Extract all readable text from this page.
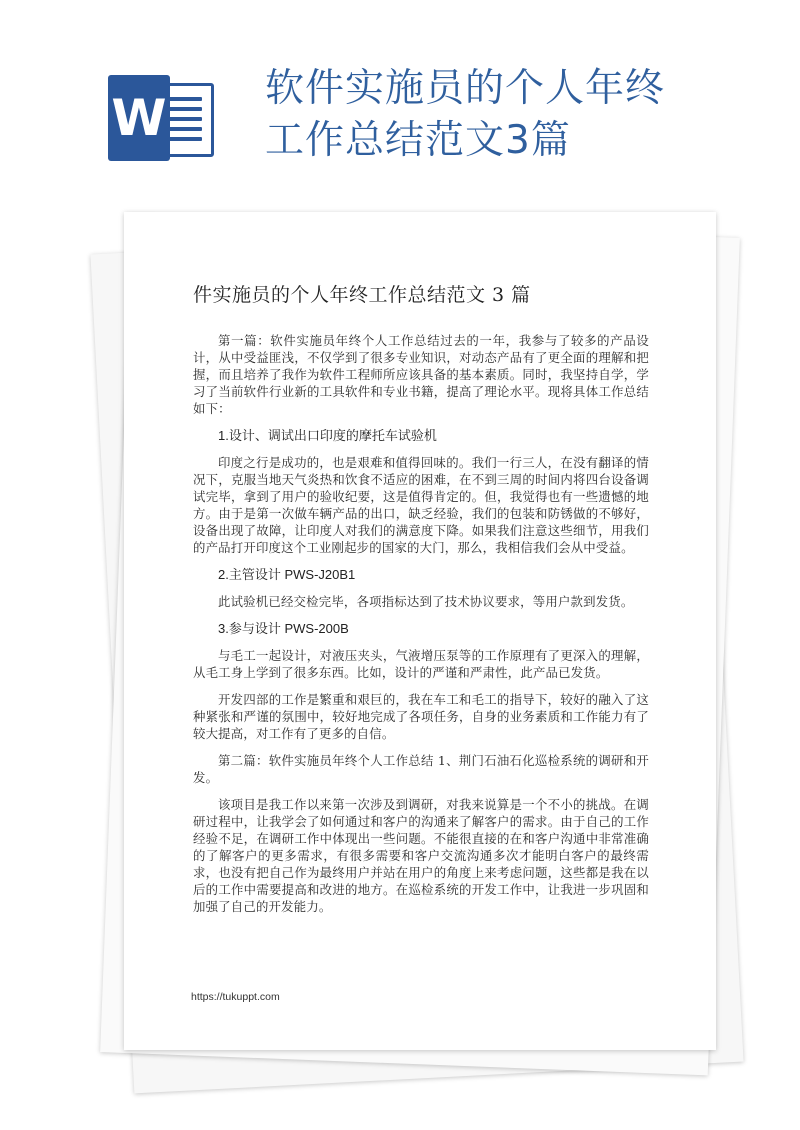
W
软件实施员的个人年终
工作总结范文3篇
件实施员的个人年终工作总结范文 3 篇

第一篇：软件实施员年终个人工作总结过去的一年，我参与了较多的产品设计，从中受益匪浅，不仅学到了很多专业知识，对动态产品有了更全面的理解和把握，而且培养了我作为软件工程师所应该具备的基本素质。同时，我坚持自学，学习了当前软件行业新的工具软件和专业书籍，提高了理论水平。现将具体工作总结如下：

1.设计、调试出口印度的摩托车试验机

印度之行是成功的，也是艰难和值得回味的。我们一行三人，在没有翻译的情况下，克服当地天气炎热和饮食不适应的困难，在不到三周的时间内将四台设备调试完毕，拿到了用户的验收纪要，这是值得肯定的。但，我觉得也有一些遗憾的地方。由于是第一次做车辆产品的出口，缺乏经验，我们的包装和防锈做的不够好，设备出现了故障，让印度人对我们的满意度下降。如果我们注意这些细节，用我们的产品打开印度这个工业刚起步的国家的大门，那么，我相信我们会从中受益。

2.主管设计 PWS-J20B1

此试验机已经交检完毕，各项指标达到了技术协议要求，等用户款到发货。

3.参与设计 PWS-200B

与毛工一起设计，对液压夹头，气液增压泵等的工作原理有了更深入的理解，从毛工身上学到了很多东西。比如，设计的严谨和严肃性，此产品已发货。

开发四部的工作是繁重和艰巨的，我在车工和毛工的指导下，较好的融入了这种紧张和严谨的氛围中，较好地完成了各项任务，自身的业务素质和工作能力有了较大提高，对工作有了更多的自信。

第二篇：软件实施员年终个人工作总结 1、荆门石油石化巡检系统的调研和开发。

该项目是我工作以来第一次涉及到调研，对我来说算是一个不小的挑战。在调研过程中，让我学会了如何通过和客户的沟通来了解客户的需求。由于自己的工作经验不足，在调研工作中体现出一些问题。不能很直接的在和客户沟通中非常准确的了解客户的更多需求，有很多需要和客户交流沟通多次才能明白客户的最终需求，也没有把自己作为最终用户并站在用户的角度上来考虑问题，这些都是我在以后的工作中需要提高和改进的地方。在巡检系统的开发工作中，让我进一步巩固和加强了自己的开发能力。

https://tukuppt.com
